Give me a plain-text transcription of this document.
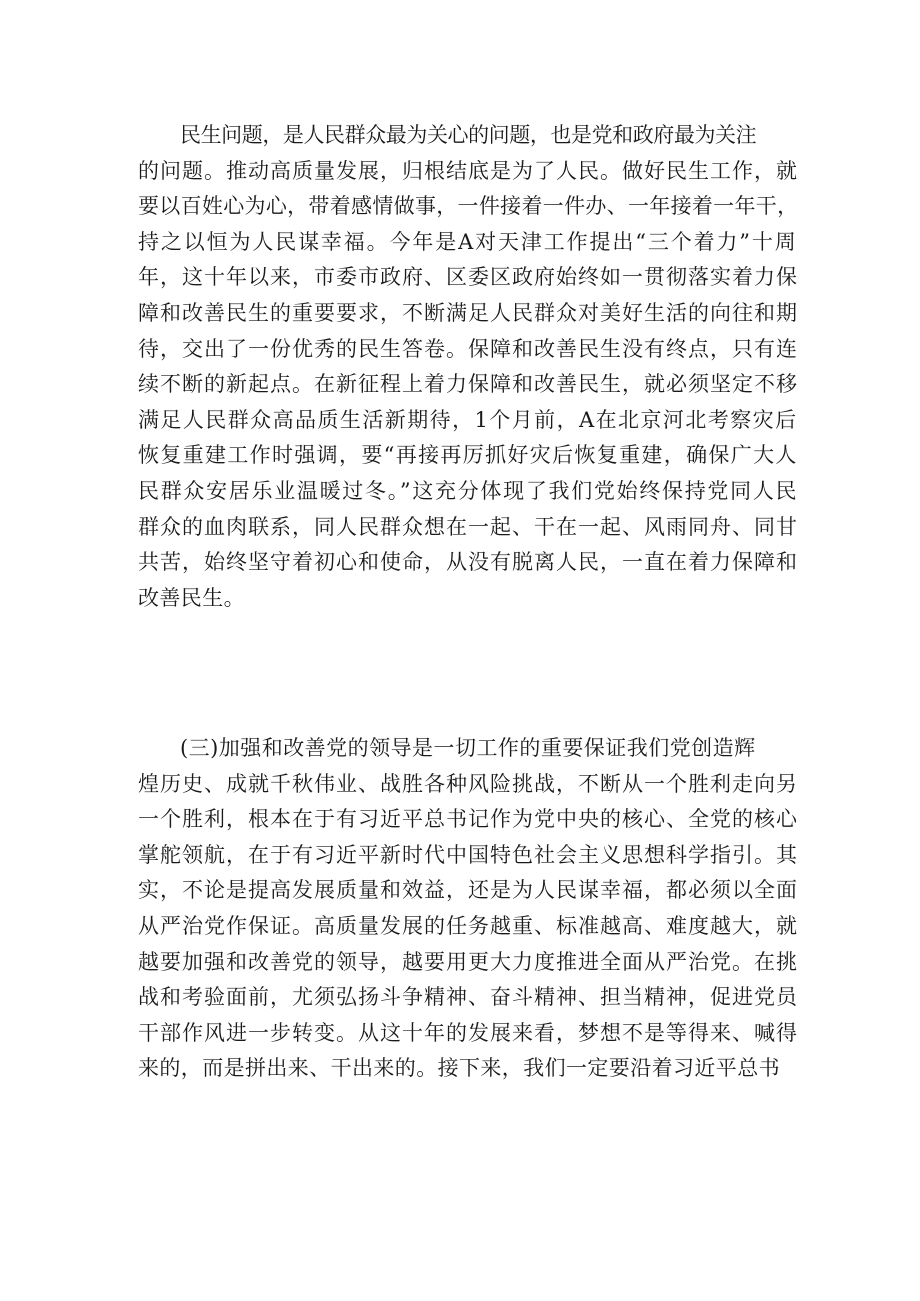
民生问题，是人民群众最为关心的问题，也是党和政府最为关注
的问题。推动高质量发展，归根结底是为了人民。做好民生工作，就
要以百姓心为心，带着感情做事，一件接着一件办、一年接着一年干，
持之以恒为人民谋幸福。今年是A对天津工作提出“三个着力”十周
年，这十年以来，市委市政府、区委区政府始终如一贯彻落实着力保
障和改善民生的重要要求，不断满足人民群众对美好生活的向往和期
待，交出了一份优秀的民生答卷。保障和改善民生没有终点，只有连
续不断的新起点。在新征程上着力保障和改善民生，就必须坚定不移
满足人民群众高品质生活新期待，1个月前，A在北京河北考察灾后
恢复重建工作时强调，要“再接再厉抓好灾后恢复重建，确保广大人
民群众安居乐业温暖过冬。”这充分体现了我们党始终保持党同人民
群众的血肉联系，同人民群众想在一起、干在一起、风雨同舟、同甘
共苦，始终坚守着初心和使命，从没有脱离人民，一直在着力保障和
改善民生。

(三)加强和改善党的领导是一切工作的重要保证我们党创造辉
煌历史、成就千秋伟业、战胜各种风险挑战，不断从一个胜利走向另
一个胜利，根本在于有习近平总书记作为党中央的核心、全党的核心
掌舵领航，在于有习近平新时代中国特色社会主义思想科学指引。其
实，不论是提高发展质量和效益，还是为人民谋幸福，都必须以全面
从严治党作保证。高质量发展的任务越重、标准越高、难度越大，就
越要加强和改善党的领导，越要用更大力度推进全面从严治党。在挑
战和考验面前，尤须弘扬斗争精神、奋斗精神、担当精神，促进党员
干部作风进一步转变。从这十年的发展来看，梦想不是等得来、喊得
来的，而是拼出来、干出来的。接下来，我们一定要沿着习近平总书
